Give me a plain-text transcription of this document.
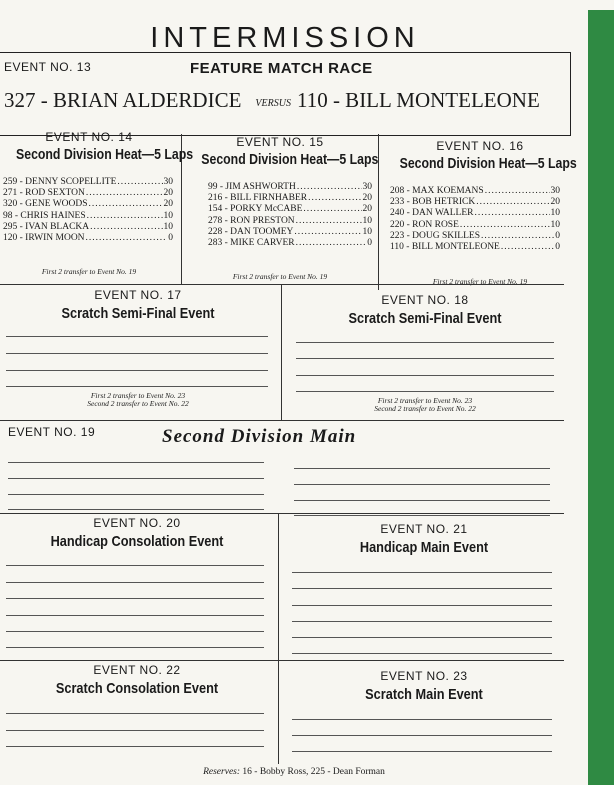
INTERMISSION
EVENT NO. 13	FEATURE MATCH RACE
327 - BRIAN ALDERDICE VERSUS 110 - BILL MONTELEONE
EVENT NO. 14
Second Division Heat—5 Laps
259 - DENNY SCOPELLITE .....	30
271 - ROD SEXTON .....	20
320 - GENE WOODS .....	20
98 - CHRIS HAINES .....	10
295 - IVAN BLACKA .....	10
120 - IRWIN MOON .....	0
First 2 transfer to Event No. 19
EVENT NO. 15
Second Division Heat—5 Laps
99 - JIM ASHWORTH .....	30
216 - BILL FIRNHABER .....	20
154 - PORKY McCABE .....	20
278 - RON PRESTON .....	10
228 - DAN TOOMEY .....	10
283 - MIKE CARVER .....	0
First 2 transfer to Event No. 19
EVENT NO. 16
Second Division Heat—5 Laps
208 - MAX KOEMANS .....	30
233 - BOB HETRICK .....	20
240 - DAN WALLER .....	10
220 - RON ROSE .....	10
223 - DOUG SKILLES .....	0
110 - BILL MONTELEONE .....	0
First 2 transfer to Event No. 19
EVENT NO. 17
Scratch Semi-Final Event
First 2 transfer to Event No. 23
Second 2 transfer to Event No. 22
EVENT NO. 18
Scratch Semi-Final Event
First 2 transfer to Event No. 23
Second 2 transfer to Event No. 22
EVENT NO. 19	Second Division Main
EVENT NO. 20
Handicap Consolation Event
EVENT NO. 21
Handicap Main Event
EVENT NO. 22
Scratch Consolation Event
EVENT NO. 23
Scratch Main Event
Reserves: 16 - Bobby Ross, 225 - Dean Forman
